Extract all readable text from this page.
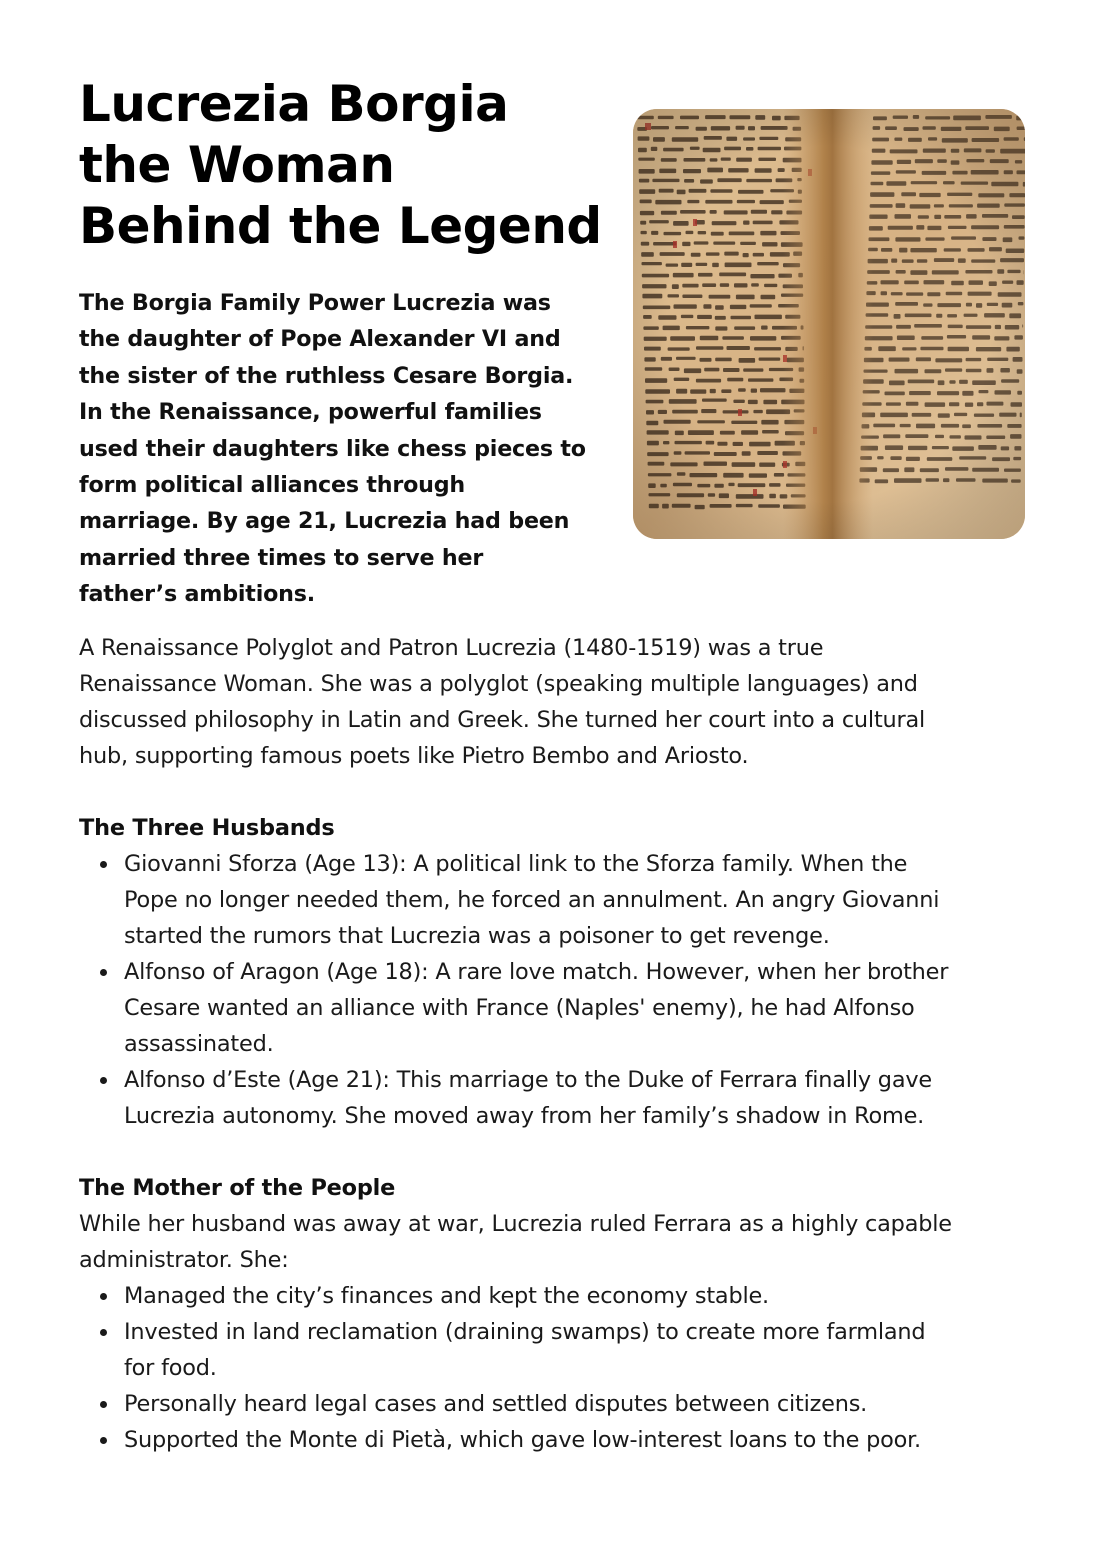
Lucrezia Borgia
the Woman
Behind the Legend

The Borgia Family Power Lucrezia was
the daughter of Pope Alexander VI and
the sister of the ruthless Cesare Borgia.
In the Renaissance, powerful families
used their daughters like chess pieces to
form political alliances through
marriage. By age 21, Lucrezia had been
married three times to serve her
father’s ambitions.

A Renaissance Polyglot and Patron Lucrezia (1480-1519) was a true
Renaissance Woman. She was a polyglot (speaking multiple languages) and
discussed philosophy in Latin and Greek. She turned her court into a cultural
hub, supporting famous poets like Pietro Bembo and Ariosto.
The Three Husbands
Giovanni Sforza (Age 13): A political link to the Sforza family. When the
Pope no longer needed them, he forced an annulment. An angry Giovanni
started the rumors that Lucrezia was a poisoner to get revenge.
Alfonso of Aragon (Age 18): A rare love match. However, when her brother
Cesare wanted an alliance with France (Naples' enemy), he had Alfonso
assassinated.
Alfonso d’Este (Age 21): This marriage to the Duke of Ferrara finally gave
Lucrezia autonomy. She moved away from her family’s shadow in Rome.
The Mother of the People
While her husband was away at war, Lucrezia ruled Ferrara as a highly capable
administrator. She:
Managed the city’s finances and kept the economy stable.
Invested in land reclamation (draining swamps) to create more farmland
for food.
Personally heard legal cases and settled disputes between citizens.
Supported the Monte di Pietà, which gave low-interest loans to the poor.
